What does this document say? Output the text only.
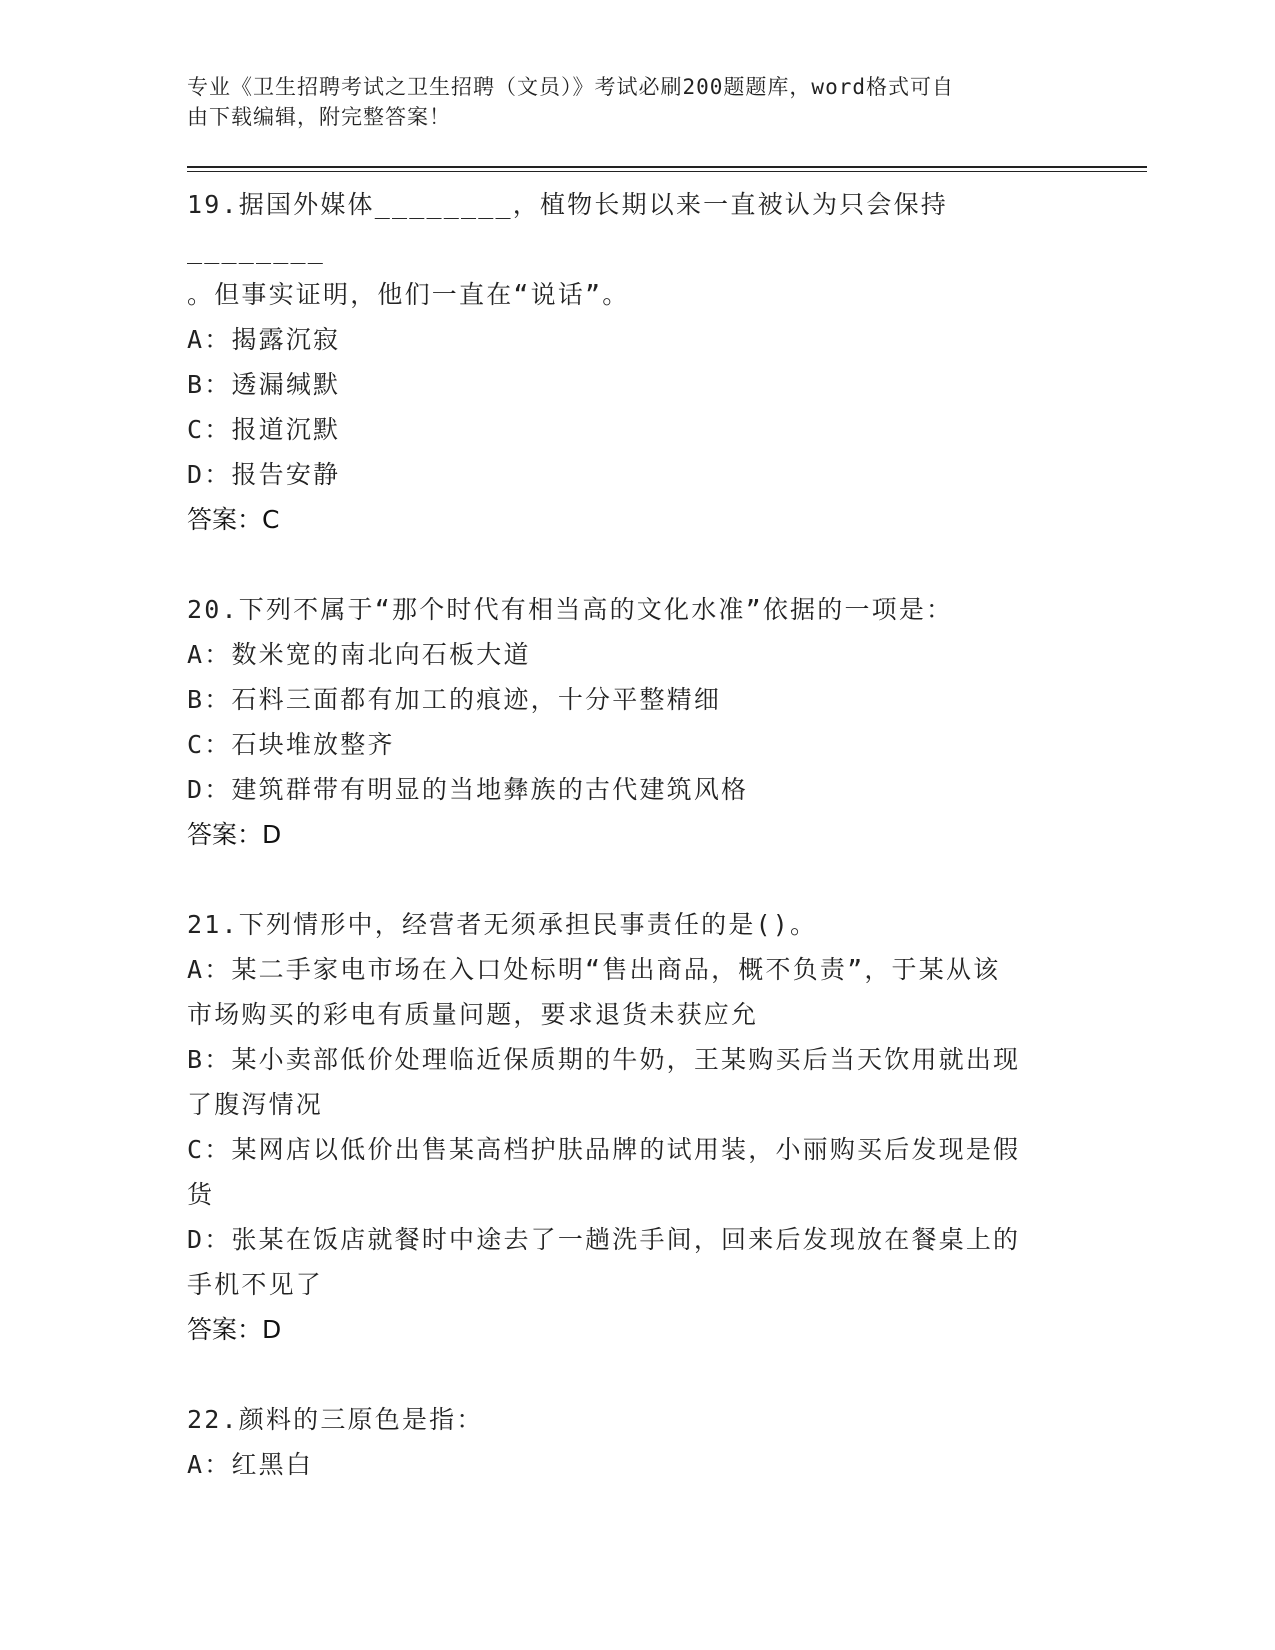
专业《卫生招聘考试之卫生招聘（文员）》考试必刷200题题库，word格式可自
由下载编辑，附完整答案！
19.据国外媒体________，植物长期以来一直被认为只会保持________
。但事实证明，他们一直在“说话”。
A：揭露沉寂
B：透漏缄默
C：报道沉默
D：报告安静
答案：C
20.下列不属于“那个时代有相当高的文化水准”依据的一项是：
A：数米宽的南北向石板大道
B：石料三面都有加工的痕迹，十分平整精细
C：石块堆放整齐
D：建筑群带有明显的当地彝族的古代建筑风格
答案：D
21.下列情形中，经营者无须承担民事责任的是()。
A：某二手家电市场在入口处标明“售出商品，概不负责”，于某从该
市场购买的彩电有质量问题，要求退货未获应允
B：某小卖部低价处理临近保质期的牛奶，王某购买后当天饮用就出现
了腹泻情况
C：某网店以低价出售某高档护肤品牌的试用装，小丽购买后发现是假
货
D：张某在饭店就餐时中途去了一趟洗手间，回来后发现放在餐桌上的
手机不见了
答案：D
22.颜料的三原色是指：
A：红黑白
